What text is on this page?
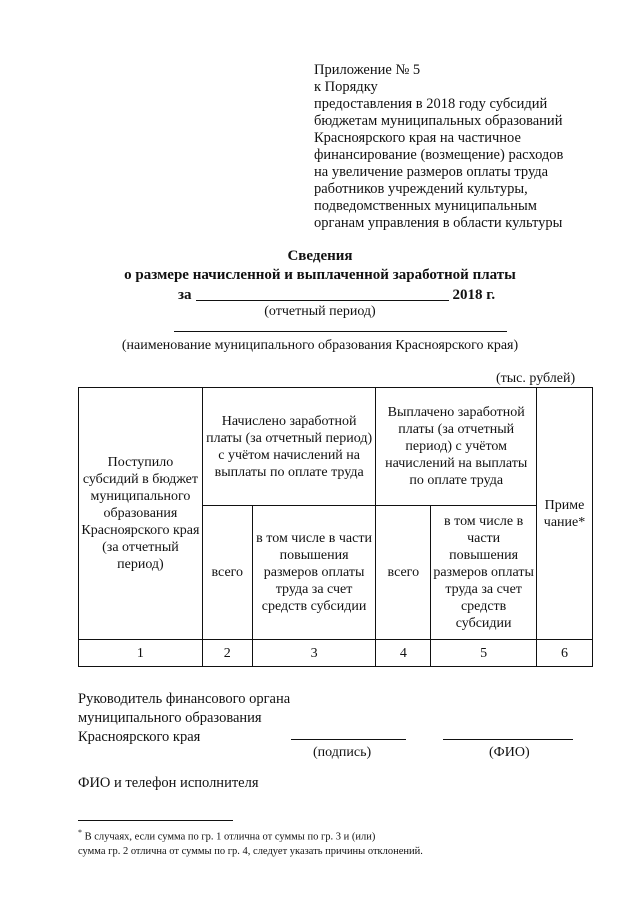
Приложение № 5
к Порядку
предоставления в 2018 году субсидий
бюджетам муниципальных образований
Красноярского края на частичное
финансирование (возмещение) расходов
на увеличение размеров оплаты труда
работников учреждений культуры,
подведомственных муниципальным
органам управления в области культуры
Сведения
о размере начисленной и выплаченной заработной платы
за	2018 г.
(отчетный период)
(наименование муниципального образования Красноярского края)
(тыс. рублей)
Поступило субсидий в бюджет муниципального образования Красноярского края (за отчетный период)	Начислено заработной платы (за отчетный период) с учётом начислений на выплаты по оплате труда		Выплачено заработной платы (за отчетный период) с учётом начислений на выплаты по оплате труда		Приме чание*
	всего	в том числе в части повышения размеров оплаты труда за счет средств субсидии	всего	в том числе в части повышения размеров оплаты труда за счет средств субсидии	
1	2	3	4	5	6
Руководитель финансового органа
муниципального образования
Красноярского края
(подпись)	(ФИО)
ФИО и телефон исполнителя
* В случаях, если сумма по гр. 1 отлична от суммы по гр. 3 и (или)
сумма гр. 2 отлична от суммы по гр. 4, следует указать причины отклонений.
